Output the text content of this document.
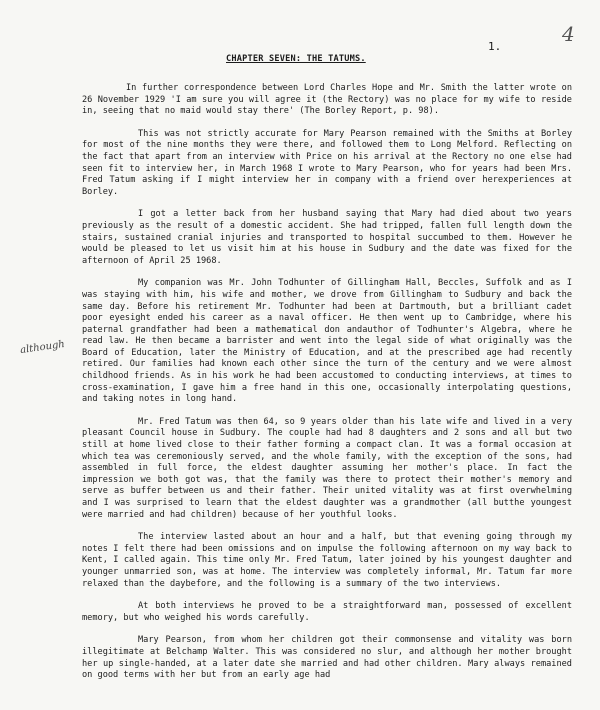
1.
4
CHAPTER SEVEN: THE TATUMS.
although

In further correspondence between Lord Charles Hope and Mr. Smith the latter wrote on 26 November 1929 'I am sure you will agree it (the Rectory) was no place for my wife to reside in, seeing that no maid would stay there' (The Borley Report, p. 98).

This was not strictly accurate for Mary Pearson remained with the Smiths at Borley for most of the nine months they were there, and followed them to Long Melford. Reflecting on the fact that apart from an interview with Price on his arrival at the Rectory no one else had seen fit to interview her, in March 1968 I wrote to Mary Pearson, who for years had been Mrs. Fred Tatum asking if I might interview her in company with a friend over herexperiences at Borley.

I got a letter back from her husband saying that Mary had died about two years previously as the result of a domestic accident. She had tripped, fallen full length down the stairs, sustained cranial injuries and transported to hospital succumbed to them. However he would be pleased to let us visit him at his house in Sudbury and the date was fixed for the afternoon of April 25 1968.

My companion was Mr. John Todhunter of Gillingham Hall, Beccles, Suffolk and as I was staying with him, his wife and mother, we drove from Gillingham to Sudbury and back the same day. Before his retirement Mr. Todhunter had been at Dartmouth, but a brilliant cadet poor eyesight ended his career as a naval officer. He then went up to Cambridge, where his paternal grandfather had been a mathematical don andauthor of Todhunter's Algebra, where he read law. He then became a barrister and went into the legal side of what originally was the Board of Education, later the Ministry of Education, and at the prescribed age had recently retired. Our families had known each other since the turn of the century and we were almost childhood friends. As in his work he had been accustomed to conducting interviews, at times to cross-examination, I gave him a free hand in this one, occasionally interpolating questions, and taking notes in long hand.

Mr. Fred Tatum was then 64, so 9 years older than his late wife and lived in a very pleasant Council house in Sudbury. The couple had had 8 daughters and 2 sons and all but two still at home lived close to their father forming a compact clan. It was a formal occasion at which tea was ceremoniously served, and the whole family, with the exception of the sons, had assembled in full force, the eldest daughter assuming her mother's place. In fact the impression we both got was, that the family was there to protect their mother's memory and serve as buffer between us and their father. Their united vitality was at first overwhelming and I was surprised to learn that the eldest daughter was a grandmother (all butthe youngest were married and had children) because of her youthful looks.

The interview lasted about an hour and a half, but that evening going through my notes I felt there had been omissions and on impulse the following afternoon on my way back to Kent, I called again. This time only Mr. Fred Tatum, later joined by his youngest daughter and younger unmarried son, was at home. The interview was completely informal, Mr. Tatum far more relaxed than the daybefore, and the following is a summary of the two interviews.

At both interviews he proved to be a straightforward man, possessed of excellent memory, but who weighed his words carefully.

Mary Pearson, from whom her children got their commonsense and vitality was born illegitimate at Belchamp Walter. This was considered no slur, and although her mother brought her up single-handed, at a later date she married and had other children. Mary always remained on good terms with her but from an early age had
